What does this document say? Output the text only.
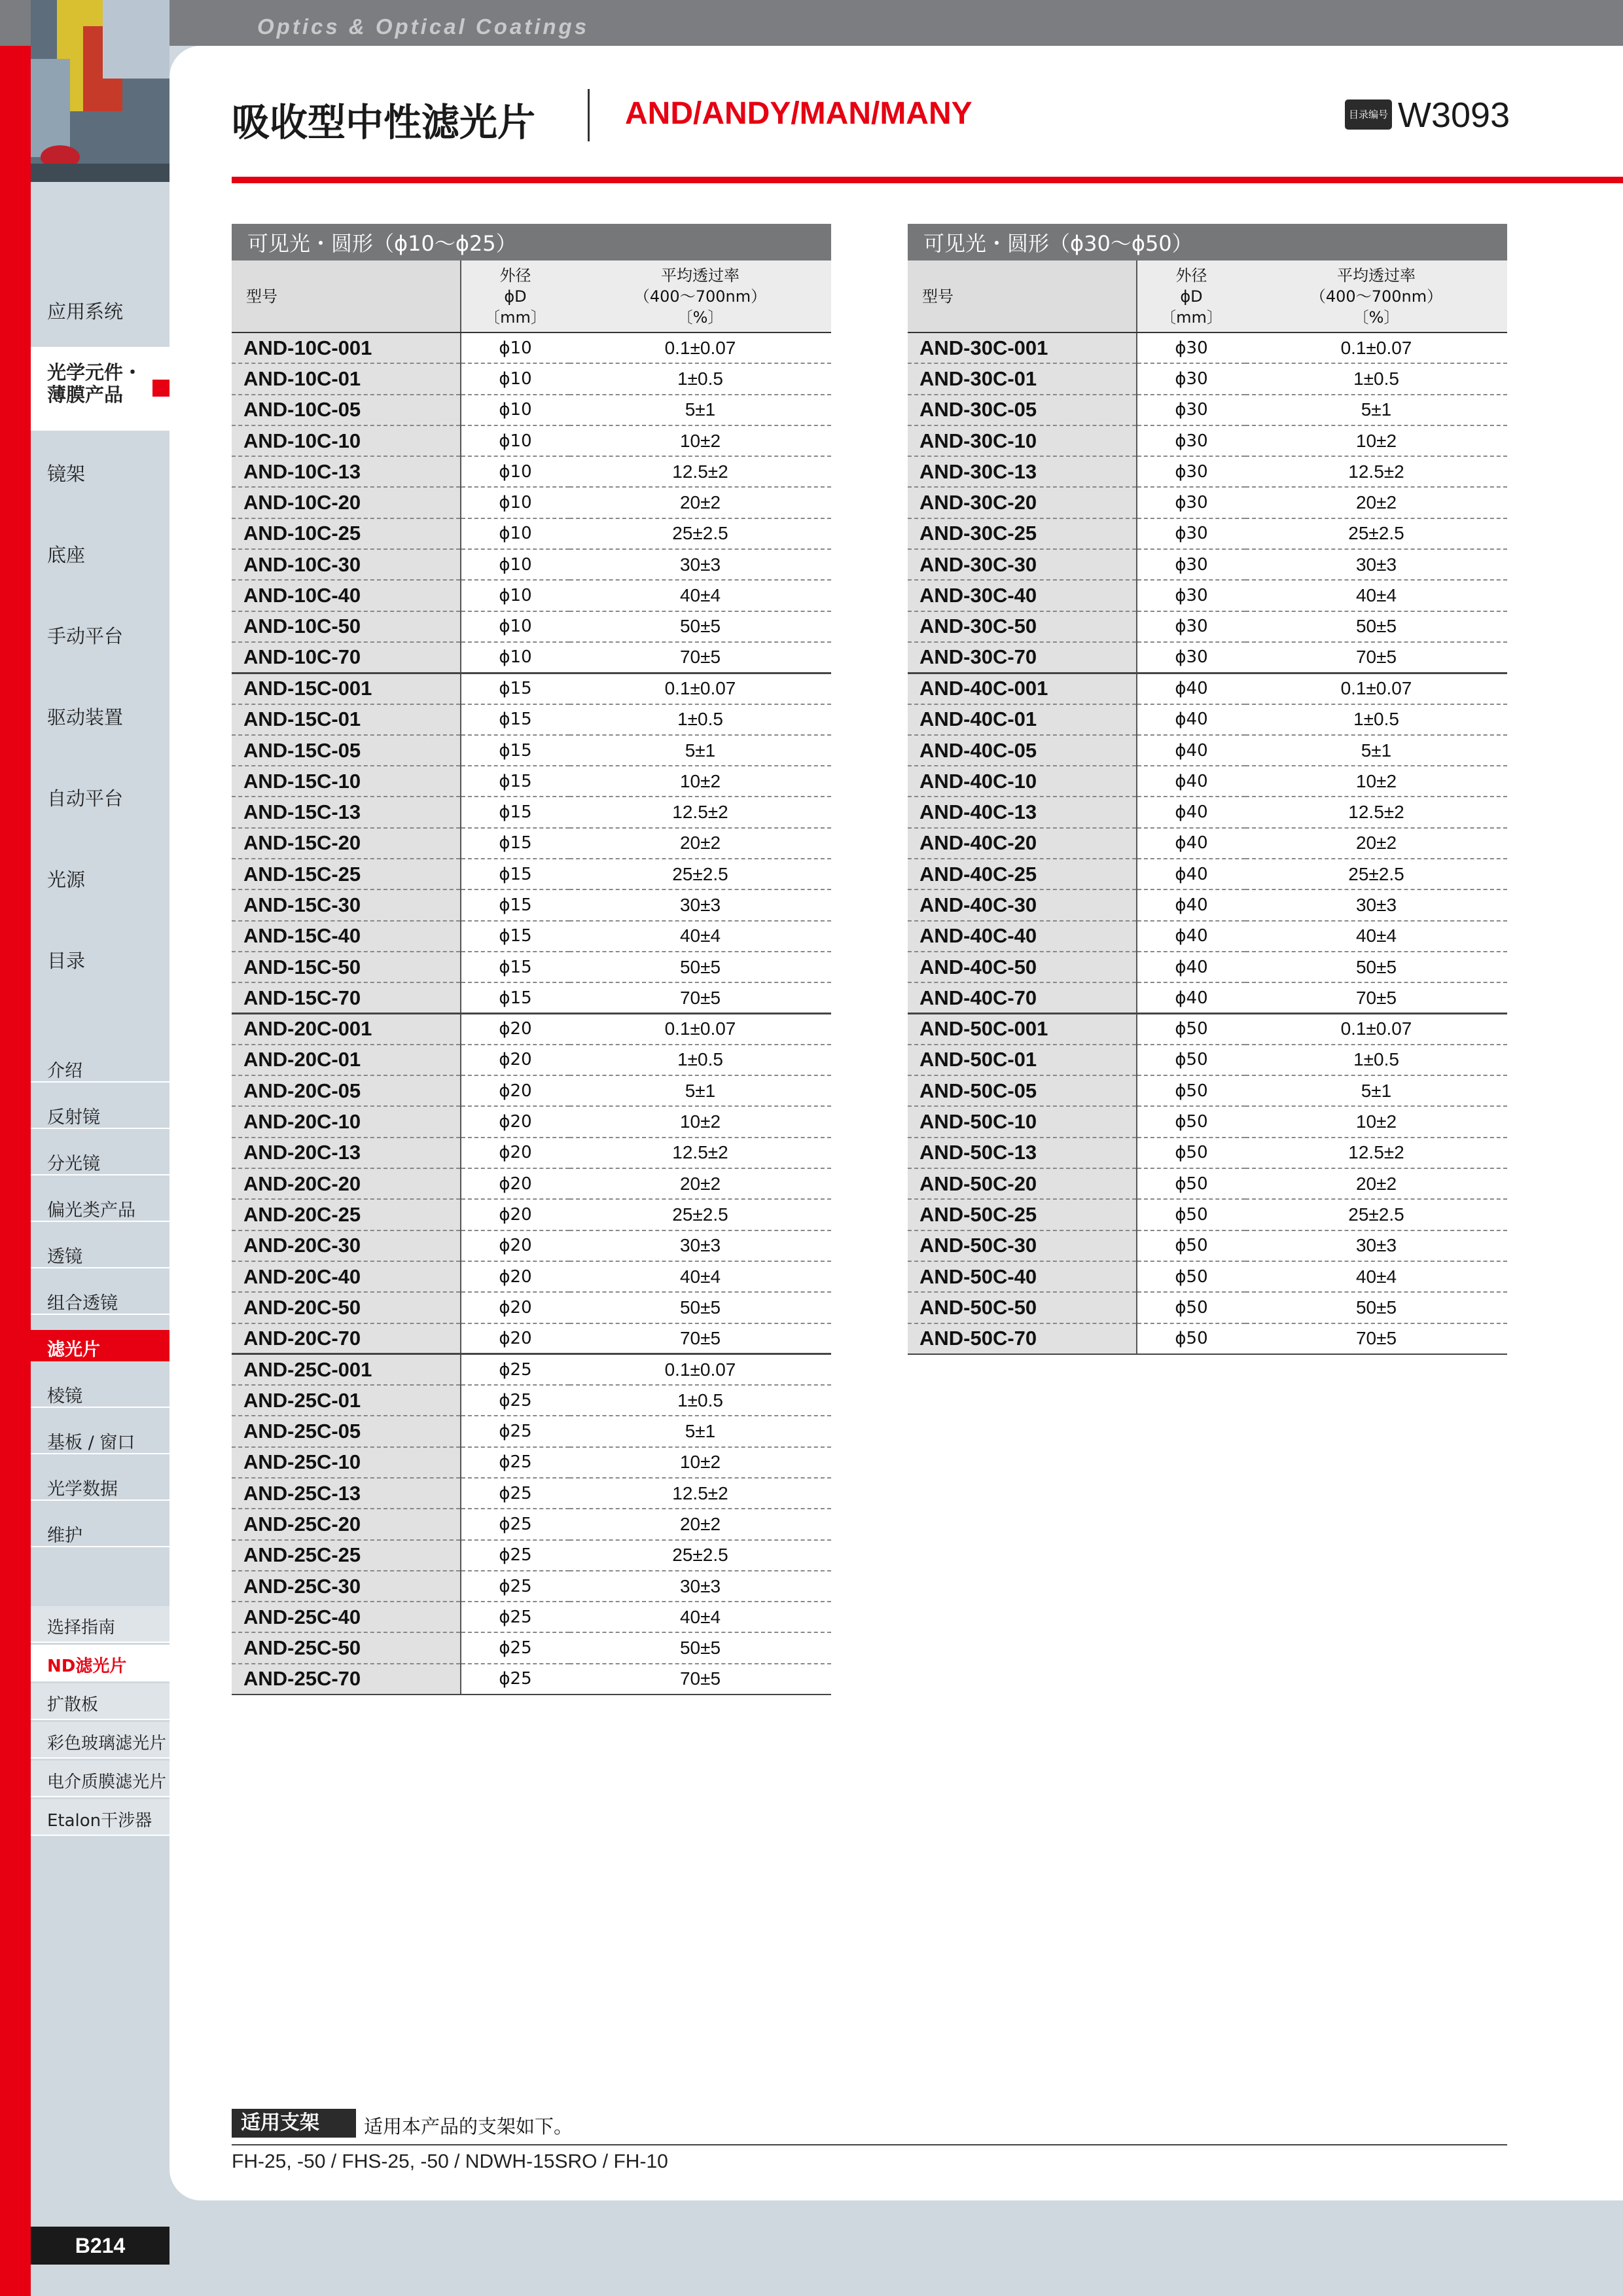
Optics & Optical Coatings
应用系统
光学元件・
薄膜产品
镜架
底座
手动平台
驱动装置
自动平台
光源
目录
介绍
反射镜
分光镜
偏光类产品
透镜
组合透镜
滤光片
棱镜
基板 / 窗口
光学数据
维护
选择指南
ND滤光片
扩散板
彩色玻璃滤光片
电介质膜滤光片
Etalon干涉器
吸收型中性滤光片	AND/ANDY/MAN/MANY	目录编号 W3093
可见光・圆形（ϕ10～ϕ25）		
型号	外径
ϕD
〔mm〕	平均透过率
（400～700nm）
〔%〕
AND-10C-001	ϕ10	0.1±0.07
AND-10C-01	ϕ10	1±0.5
AND-10C-05	ϕ10	5±1
AND-10C-10	ϕ10	10±2
AND-10C-13	ϕ10	12.5±2
AND-10C-20	ϕ10	20±2
AND-10C-25	ϕ10	25±2.5
AND-10C-30	ϕ10	30±3
AND-10C-40	ϕ10	40±4
AND-10C-50	ϕ10	50±5
AND-10C-70	ϕ10	70±5
AND-15C-001	ϕ15	0.1±0.07
AND-15C-01	ϕ15	1±0.5
AND-15C-05	ϕ15	5±1
AND-15C-10	ϕ15	10±2
AND-15C-13	ϕ15	12.5±2
AND-15C-20	ϕ15	20±2
AND-15C-25	ϕ15	25±2.5
AND-15C-30	ϕ15	30±3
AND-15C-40	ϕ15	40±4
AND-15C-50	ϕ15	50±5
AND-15C-70	ϕ15	70±5
AND-20C-001	ϕ20	0.1±0.07
AND-20C-01	ϕ20	1±0.5
AND-20C-05	ϕ20	5±1
AND-20C-10	ϕ20	10±2
AND-20C-13	ϕ20	12.5±2
AND-20C-20	ϕ20	20±2
AND-20C-25	ϕ20	25±2.5
AND-20C-30	ϕ20	30±3
AND-20C-40	ϕ20	40±4
AND-20C-50	ϕ20	50±5
AND-20C-70	ϕ20	70±5
AND-25C-001	ϕ25	0.1±0.07
AND-25C-01	ϕ25	1±0.5
AND-25C-05	ϕ25	5±1
AND-25C-10	ϕ25	10±2
AND-25C-13	ϕ25	12.5±2
AND-25C-20	ϕ25	20±2
AND-25C-25	ϕ25	25±2.5
AND-25C-30	ϕ25	30±3
AND-25C-40	ϕ25	40±4
AND-25C-50	ϕ25	50±5
AND-25C-70	ϕ25	70±5
可见光・圆形（ϕ30～ϕ50）		
型号	外径
ϕD
〔mm〕	平均透过率
（400～700nm）
〔%〕
AND-30C-001	ϕ30	0.1±0.07
AND-30C-01	ϕ30	1±0.5
AND-30C-05	ϕ30	5±1
AND-30C-10	ϕ30	10±2
AND-30C-13	ϕ30	12.5±2
AND-30C-20	ϕ30	20±2
AND-30C-25	ϕ30	25±2.5
AND-30C-30	ϕ30	30±3
AND-30C-40	ϕ30	40±4
AND-30C-50	ϕ30	50±5
AND-30C-70	ϕ30	70±5
AND-40C-001	ϕ40	0.1±0.07
AND-40C-01	ϕ40	1±0.5
AND-40C-05	ϕ40	5±1
AND-40C-10	ϕ40	10±2
AND-40C-13	ϕ40	12.5±2
AND-40C-20	ϕ40	20±2
AND-40C-25	ϕ40	25±2.5
AND-40C-30	ϕ40	30±3
AND-40C-40	ϕ40	40±4
AND-40C-50	ϕ40	50±5
AND-40C-70	ϕ40	70±5
AND-50C-001	ϕ50	0.1±0.07
AND-50C-01	ϕ50	1±0.5
AND-50C-05	ϕ50	5±1
AND-50C-10	ϕ50	10±2
AND-50C-13	ϕ50	12.5±2
AND-50C-20	ϕ50	20±2
AND-50C-25	ϕ50	25±2.5
AND-50C-30	ϕ50	30±3
AND-50C-40	ϕ50	40±4
AND-50C-50	ϕ50	50±5
AND-50C-70	ϕ50	70±5
适用支架	适用本产品的支架如下。
FH-25, -50 / FHS-25, -50 / NDWH-15SRO / FH-10
B214
